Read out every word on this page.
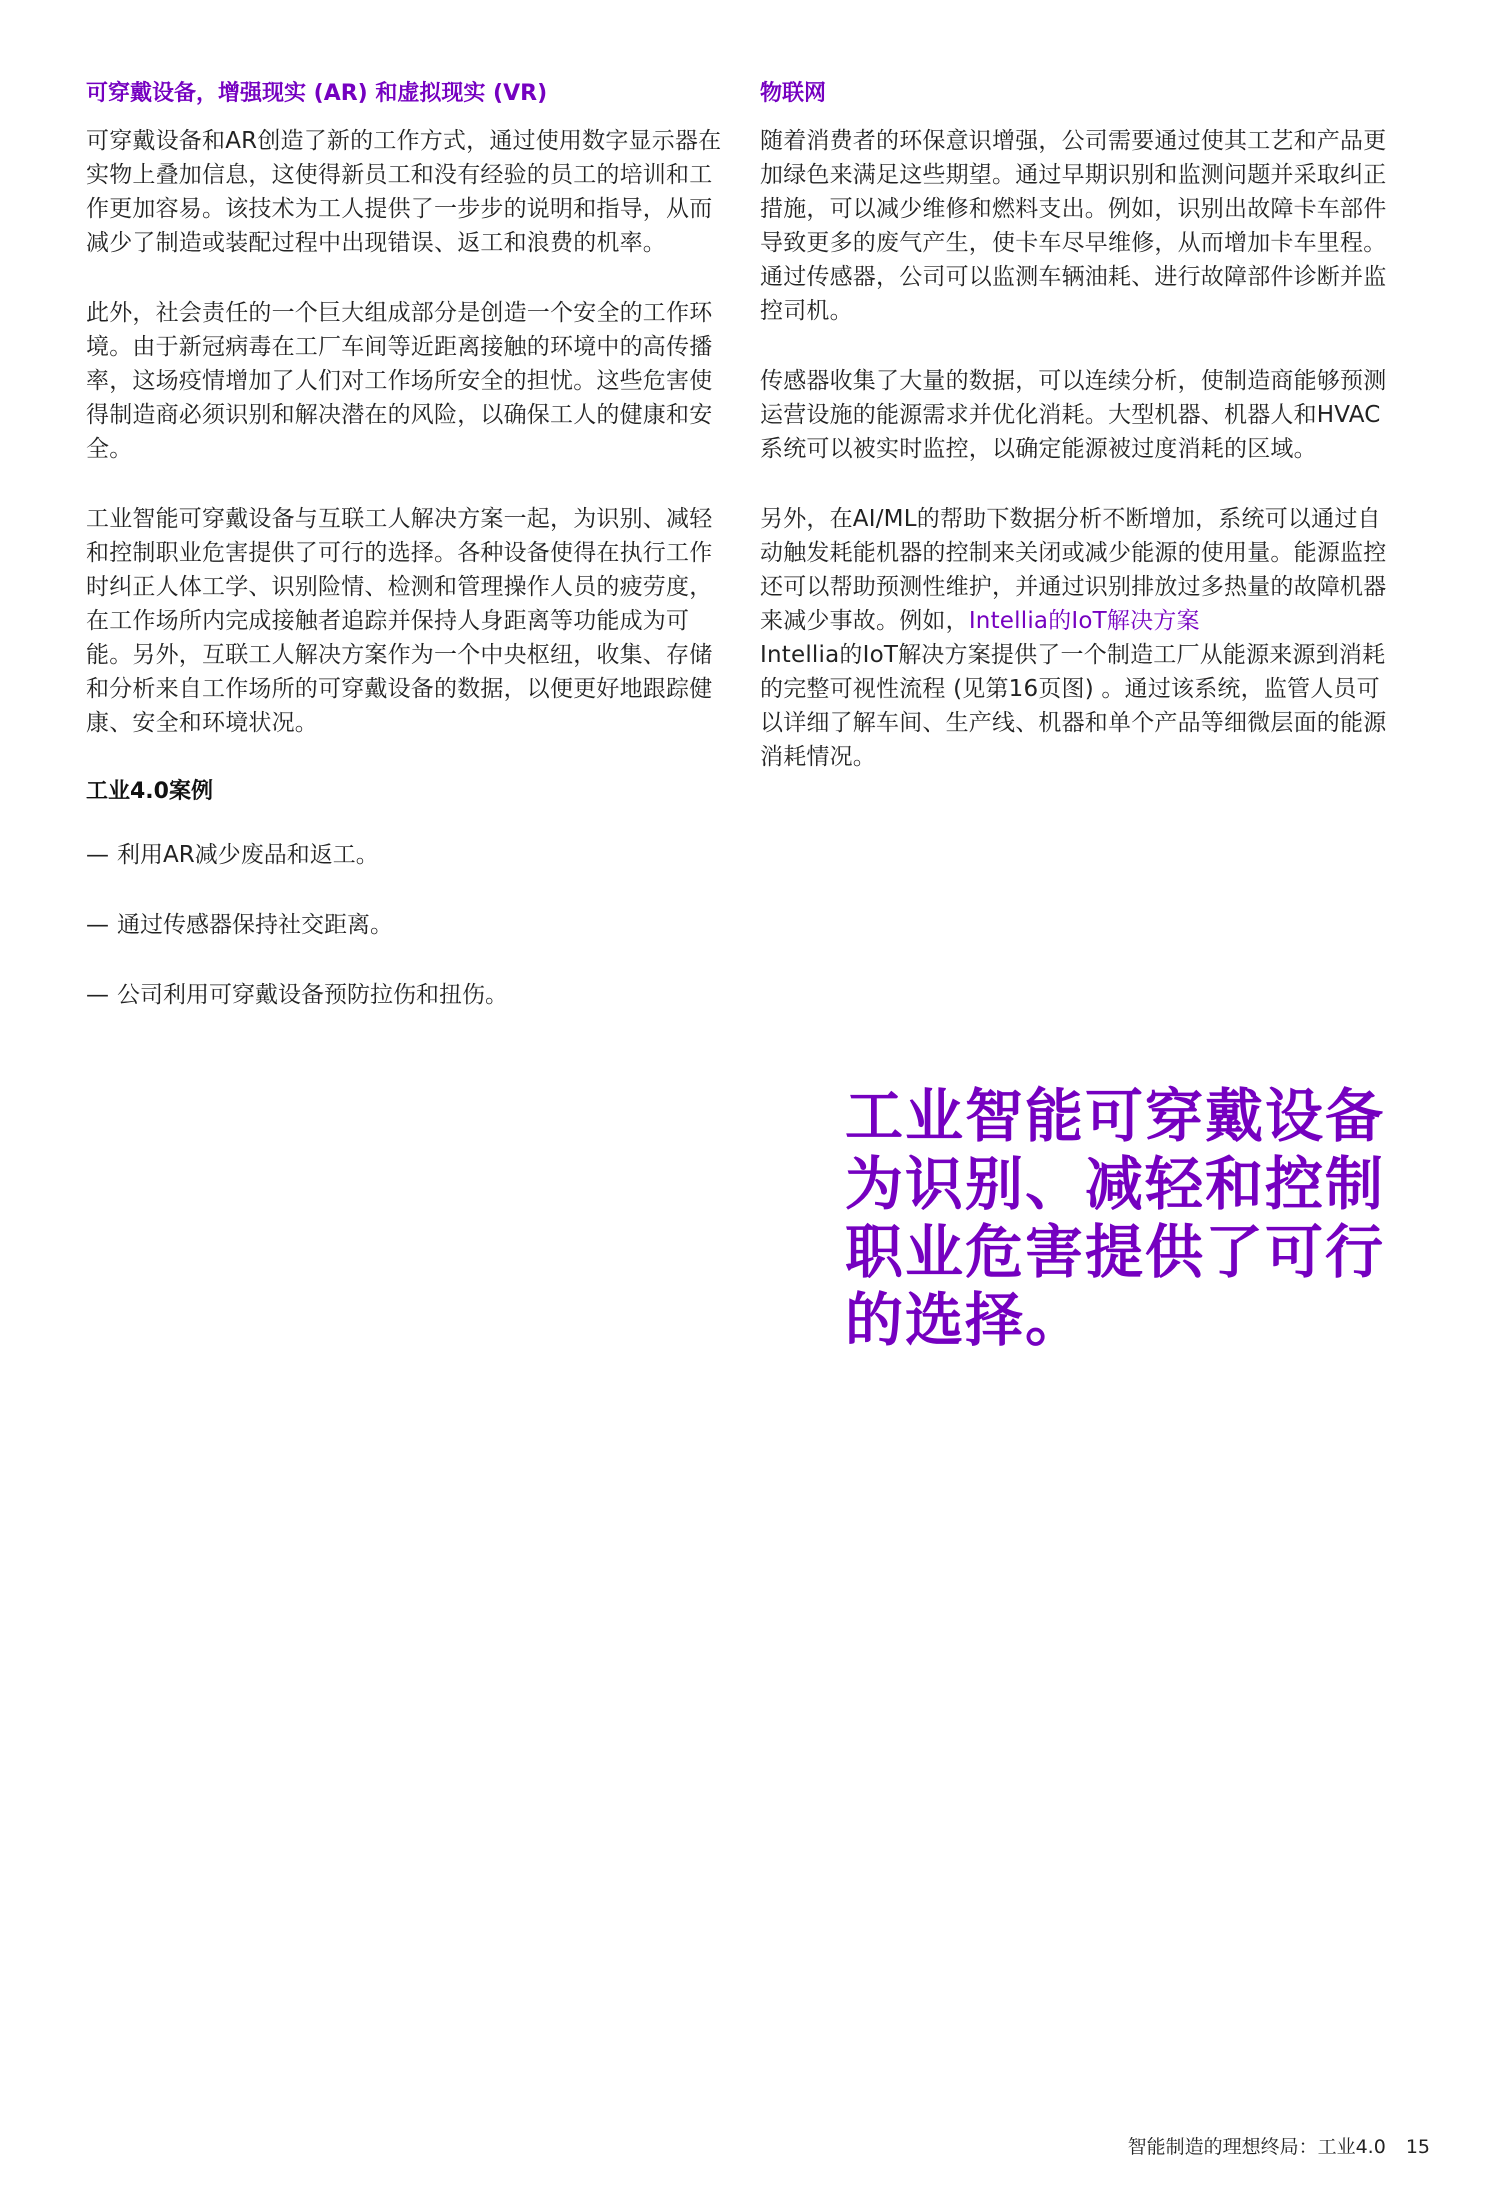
可穿戴设备，增强现实 (AR) 和虚拟现实 (VR)

可穿戴设备和AR创造了新的工作方式，通过使用数字显示器在实物上叠加信息，这使得新员工和没有经验的员工的培训和工作更加容易。该技术为工人提供了一步步的说明和指导，从而减少了制造或装配过程中出现错误、返工和浪费的机率。

此外，社会责任的一个巨大组成部分是创造一个安全的工作环境。由于新冠病毒在工厂车间等近距离接触的环境中的高传播率，这场疫情增加了人们对工作场所安全的担忧。这些危害使得制造商必须识别和解决潜在的风险，以确保工人的健康和安全。

工业智能可穿戴设备与互联工人解决方案一起，为识别、减轻和控制职业危害提供了可行的选择。各种设备使得在执行工作时纠正人体工学、识别险情、检测和管理操作人员的疲劳度，在工作场所内完成接触者追踪并保持人身距离等功能成为可能。另外，互联工人解决方案作为一个中央枢纽，收集、存储和分析来自工作场所的可穿戴设备的数据，以便更好地跟踪健康、安全和环境状况。

工业4.0案例
— 利用AR减少废品和返工。
— 通过传感器保持社交距离。
— 公司利用可穿戴设备预防拉伤和扭伤。
物联网

随着消费者的环保意识增强，公司需要通过使其工艺和产品更加绿色来满足这些期望。通过早期识别和监测问题并采取纠正措施，可以减少维修和燃料支出。例如，识别出故障卡车部件导致更多的废气产生，使卡车尽早维修，从而增加卡车里程。通过传感器，公司可以监测车辆油耗、进行故障部件诊断并监控司机。

传感器收集了大量的数据，可以连续分析，使制造商能够预测运营设施的能源需求并优化消耗。大型机器、机器人和HVAC系统可以被实时监控，以确定能源被过度消耗的区域。

另外，在AI/ML的帮助下数据分析不断增加，系统可以通过自动触发耗能机器的控制来关闭或减少能源的使用量。能源监控还可以帮助预测性维护，并通过识别排放过多热量的故障机器来减少事故。例如，Intellia的IoT解决方案
Intellia的IoT解决方案提供了一个制造工厂从能源来源到消耗的完整可视性流程 (见第16页图) 。通过该系统，监管人员可以详细了解车间、生产线、机器和单个产品等细微层面的能源消耗情况。

工业智能可穿戴设备为识别、减轻和控制职业危害提供了可行的选择。

智能制造的理想终局：工业4.0 15
